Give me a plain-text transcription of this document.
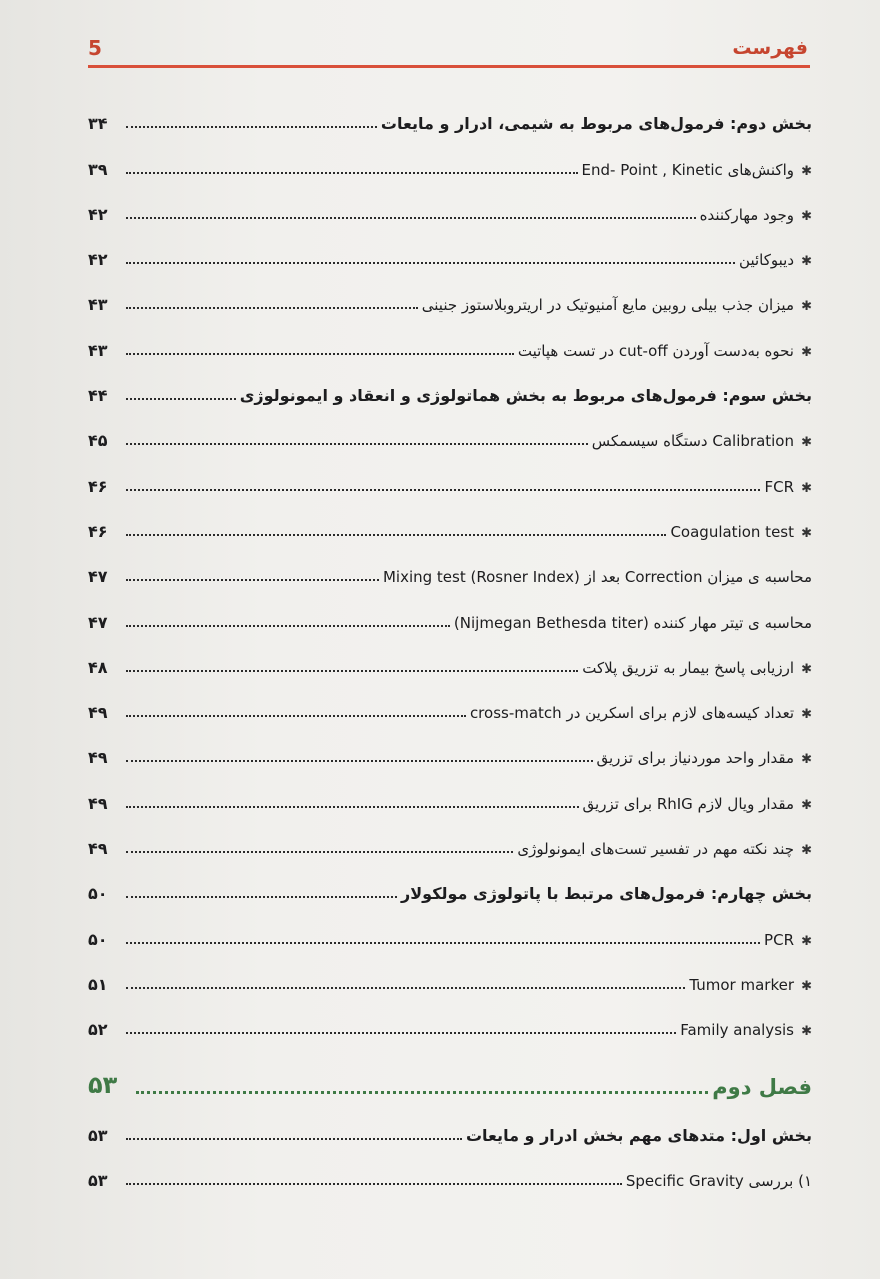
فهرست
5
بخش دوم: فرمول‌های مربوط به شیمی، ادرار و مایعات
۳۴
✱
واکنش‌های End- Point , Kinetic
۳۹
✱
وجود مهارکننده
۴۲
✱
دیبوکائین
۴۲
✱
میزان جذب بیلی روبین مایع آمنیوتیک در اریتروبلاستوز جنینی
۴۳
✱
نحوه به‌دست آوردن cut-off در تست هپاتیت
۴۳
بخش سوم: فرمول‌های مربوط به بخش هماتولوژی و انعقاد و ایمونولوژی
۴۴
✱
Calibration دستگاه سیسمکس
۴۵
✱
FCR
۴۶
✱
Coagulation test
۴۶
محاسبه ی میزان Correction بعد از Mixing test (Rosner Index)
۴۷
محاسبه ی تیتر مهار کننده (Nijmegan Bethesda titer)
۴۷
✱
ارزیابی پاسخ بیمار به تزریق پلاکت
۴۸
✱
تعداد کیسه‌های لازم برای اسکرین در cross-match
۴۹
✱
مقدار واحد موردنیاز برای تزریق
۴۹
✱
مقدار ویال لازم RhIG برای تزریق
۴۹
✱
چند نکته مهم در تفسیر تست‌های ایمونولوژی
۴۹
بخش چهارم: فرمول‌های مرتبط با پاتولوژی مولکولار
۵۰
✱
PCR
۵۰
✱
Tumor marker
۵۱
✱
Family analysis
۵۲
فصل دوم
۵۳
بخش اول: متدهای مهم بخش ادرار و مایعات
۵۳
۱) بررسی Specific Gravity
۵۳
